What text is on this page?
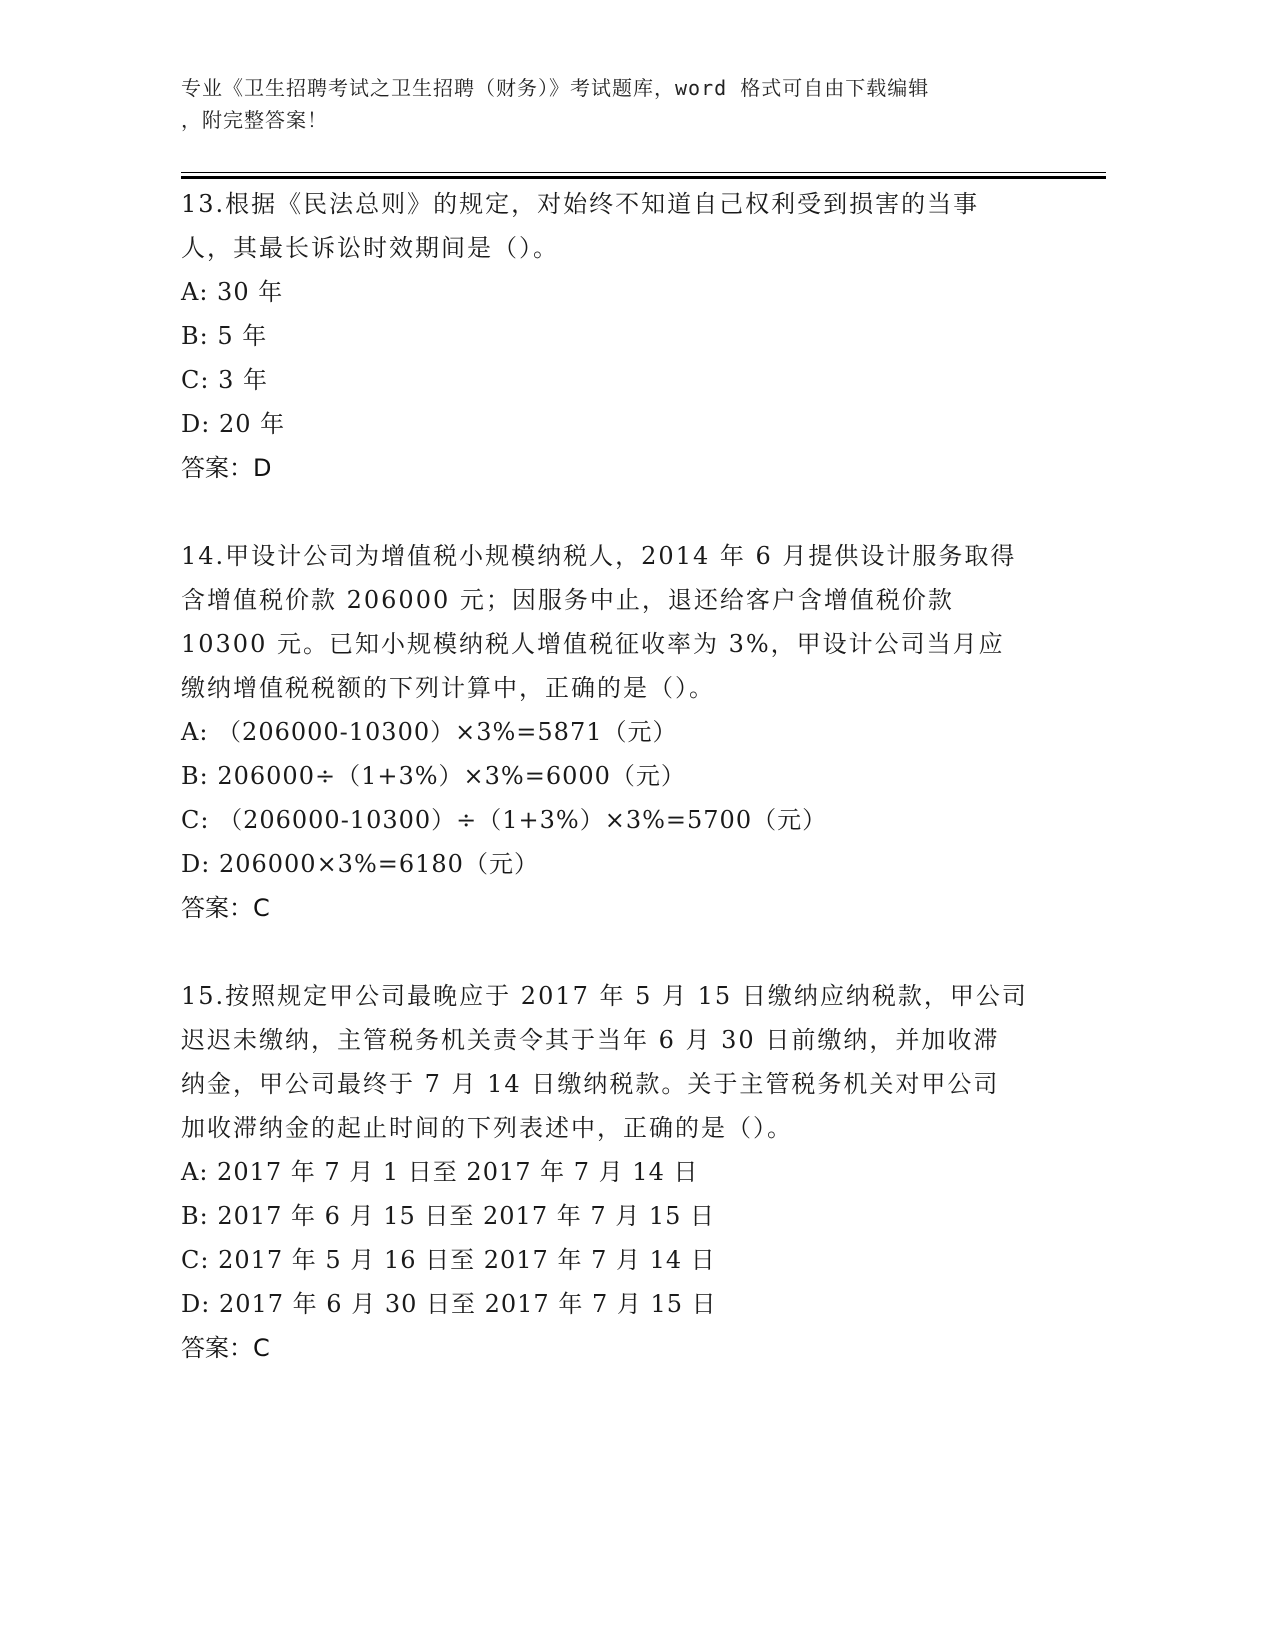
专业《卫生招聘考试之卫生招聘（财务）》考试题库，word 格式可自由下载编辑
，附完整答案！

13.根据《民法总则》的规定，对始终不知道自己权利受到损害的当事

人，其最长诉讼时效期间是（）。

A: 30 年

B: 5 年

C: 3 年

D: 20 年

答案：D

14.甲设计公司为增值税小规模纳税人，2014 年 6 月提供设计服务取得

含增值税价款 206000 元；因服务中止，退还给客户含增值税价款

10300 元。已知小规模纳税人增值税征收率为 3%，甲设计公司当月应

缴纳增值税税额的下列计算中，正确的是（）。

A: （206000-10300）×3%=5871（元）

B: 206000÷（1+3%）×3%=6000（元）

C: （206000-10300）÷（1+3%）×3%=5700（元）

D: 206000×3%=6180（元）

答案：C

15.按照规定甲公司最晚应于 2017 年 5 月 15 日缴纳应纳税款，甲公司

迟迟未缴纳，主管税务机关责令其于当年 6 月 30 日前缴纳，并加收滞

纳金，甲公司最终于 7 月 14 日缴纳税款。关于主管税务机关对甲公司

加收滞纳金的起止时间的下列表述中，正确的是（）。

A: 2017 年 7 月 1 日至 2017 年 7 月 14 日

B: 2017 年 6 月 15 日至 2017 年 7 月 15 日

C: 2017 年 5 月 16 日至 2017 年 7 月 14 日

D: 2017 年 6 月 30 日至 2017 年 7 月 15 日

答案：C
